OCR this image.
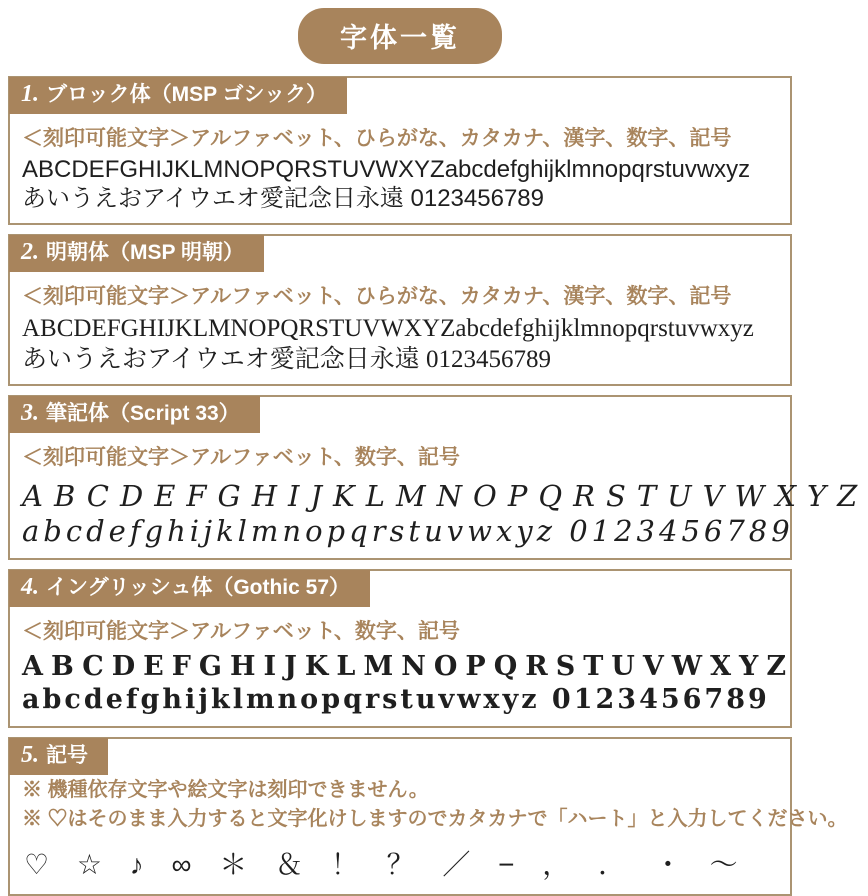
字体一覧
1. ブロック体（MSP ゴシック）
＜刻印可能文字＞アルファベット、ひらがな、カタカナ、漢字、数字、記号
ABCDEFGHIJKLMNOPQRSTUVWXYZabcdefghijklmnopqrstuvwxyz
あいうえおアイウエオ愛記念日永遠 0123456789
2. 明朝体（MSP 明朝）
＜刻印可能文字＞アルファベット、ひらがな、カタカナ、漢字、数字、記号
ABCDEFGHIJKLMNOPQRSTUVWXYZabcdefghijklmnopqrstuvwxyz
あいうえおアイウエオ愛記念日永遠 0123456789
3. 筆記体（Script 33）
＜刻印可能文字＞アルファベット、数字、記号
ABCDEFGHIJKLMNOPQRSTUVWXYZ
abcdefghijklmnopqrstuvwxyz 0123456789
4. イングリッシュ体（Gothic 57）
＜刻印可能文字＞アルファベット、数字、記号
ABCDEFGHIJKLMNOPQRSTUVWXYZ
abcdefghijklmnopqrstuvwxyz 0123456789
5. 記号
※ 機種依存文字や絵文字は刻印できません。
※ ♡はそのまま入力すると文字化けしますのでカタカナで「ハート」と入力してください。
♡ ☆ ♪ ∞ ＊ ＆ ！ ？ ／ − ， ． ・ ～
